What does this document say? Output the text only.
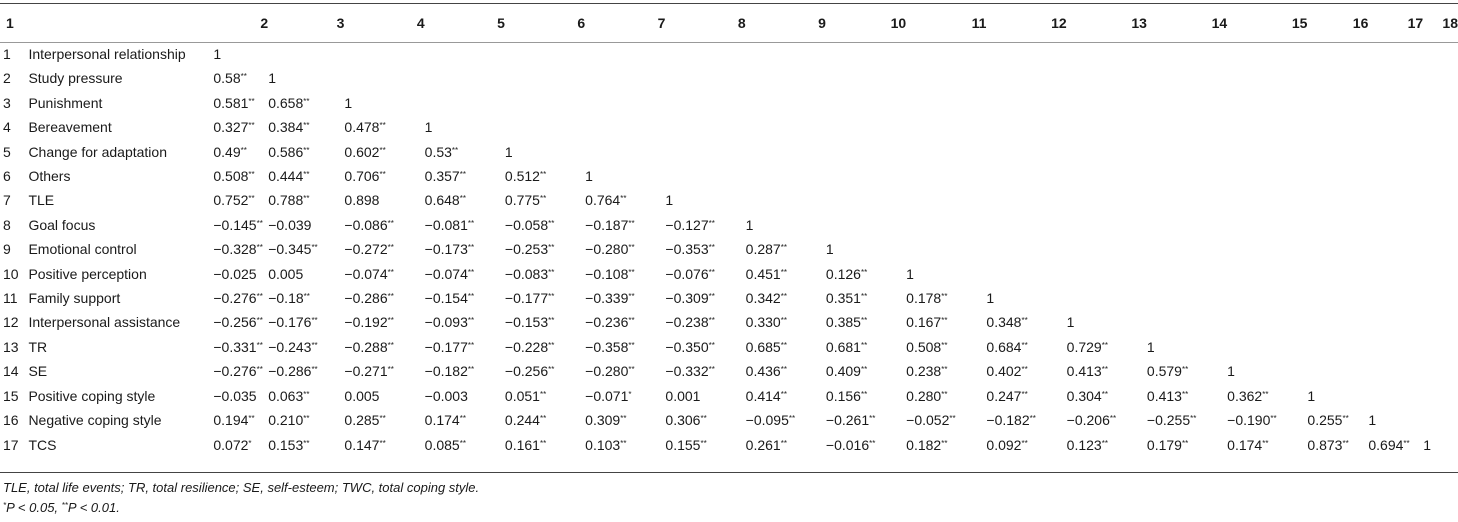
1		2	3	4	5	6	7	8	9	10	11	12	13	14	15	16	17	18
1	Interpersonal relationship	1																
2	Study pressure	0.58**	1															
3	Punishment	0.581**	0.658**	1														
4	Bereavement	0.327**	0.384**	0.478**	1													
5	Change for adaptation	0.49**	0.586**	0.602**	0.53**	1												
6	Others	0.508**	0.444**	0.706**	0.357**	0.512**	1											
7	TLE	0.752**	0.788**	0.898	0.648**	0.775**	0.764**	1										
8	Goal focus	−0.145**	−0.039	−0.086**	−0.081**	−0.058**	−0.187**	−0.127**	1									
9	Emotional control	−0.328**	−0.345**	−0.272**	−0.173**	−0.253**	−0.280**	−0.353**	0.287**	1								
10	Positive perception	−0.025	0.005	−0.074**	−0.074**	−0.083**	−0.108**	−0.076**	0.451**	0.126**	1							
11	Family support	−0.276**	−0.18**	−0.286**	−0.154**	−0.177**	−0.339**	−0.309**	0.342**	0.351**	0.178**	1						
12	Interpersonal assistance	−0.256**	−0.176**	−0.192**	−0.093**	−0.153**	−0.236**	−0.238**	0.330**	0.385**	0.167**	0.348**	1					
13	TR	−0.331**	−0.243**	−0.288**	−0.177**	−0.228**	−0.358**	−0.350**	0.685**	0.681**	0.508**	0.684**	0.729**	1				
14	SE	−0.276**	−0.286**	−0.271**	−0.182**	−0.256**	−0.280**	−0.332**	0.436**	0.409**	0.238**	0.402**	0.413**	0.579**	1			
15	Positive coping style	−0.035	0.063**	0.005	−0.003	0.051**	−0.071*	0.001	0.414**	0.156**	0.280**	0.247**	0.304**	0.413**	0.362**	1		
16	Negative coping style	0.194**	0.210**	0.285**	0.174**	0.244**	0.309**	0.306**	−0.095**	−0.261**	−0.052**	−0.182**	−0.206**	−0.255**	−0.190**	0.255**	1	
17	TCS	0.072*	0.153**	0.147**	0.085**	0.161**	0.103**	0.155**	0.261**	−0.016**	0.182**	0.092**	0.123**	0.179**	0.174**	0.873**	0.694**	1
TLE, total life events; TR, total resilience; SE, self-esteem; TWC, total coping style.
*P < 0.05, **P < 0.01.
